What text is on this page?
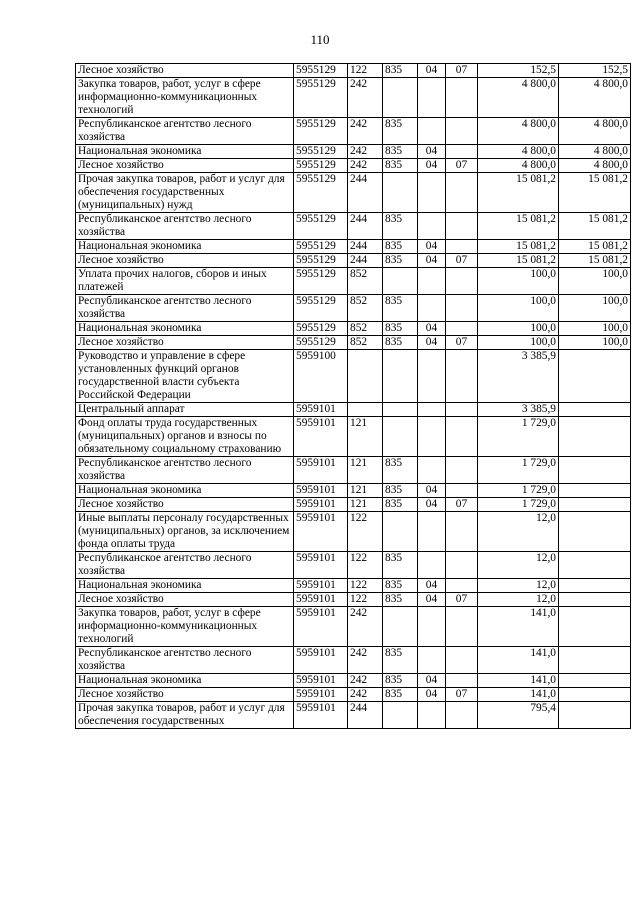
110
Лесное хозяйство	5955129	122	835	04	07	152,5	152,5
Закупка товаров, работ, услуг в сфере информационно-коммуникационных технологий	5955129	242				4 800,0	4 800,0
Республиканское агентство лесного хозяйства	5955129	242	835			4 800,0	4 800,0
Национальная экономика	5955129	242	835	04		4 800,0	4 800,0
Лесное хозяйство	5955129	242	835	04	07	4 800,0	4 800,0
Прочая закупка товаров, работ и услуг для обеспечения государственных (муниципальных) нужд	5955129	244				15 081,2	15 081,2
Республиканское агентство лесного хозяйства	5955129	244	835			15 081,2	15 081,2
Национальная экономика	5955129	244	835	04		15 081,2	15 081,2
Лесное хозяйство	5955129	244	835	04	07	15 081,2	15 081,2
Уплата прочих налогов, сборов и иных платежей	5955129	852				100,0	100,0
Республиканское агентство лесного хозяйства	5955129	852	835			100,0	100,0
Национальная экономика	5955129	852	835	04		100,0	100,0
Лесное хозяйство	5955129	852	835	04	07	100,0	100,0
Руководство и управление в сфере установленных функций органов государственной власти субъекта Российской Федерации	5959100					3 385,9	
Центральный аппарат	5959101					3 385,9	
Фонд оплаты труда государственных (муниципальных) органов и взносы по обязательному социальному страхованию	5959101	121				1 729,0	
Республиканское агентство лесного хозяйства	5959101	121	835			1 729,0	
Национальная экономика	5959101	121	835	04		1 729,0	
Лесное хозяйство	5959101	121	835	04	07	1 729,0	
Иные выплаты персоналу государственных (муниципальных) органов, за исключением фонда оплаты труда	5959101	122				12,0	
Республиканское агентство лесного хозяйства	5959101	122	835			12,0	
Национальная экономика	5959101	122	835	04		12,0	
Лесное хозяйство	5959101	122	835	04	07	12,0	
Закупка товаров, работ, услуг в сфере информационно-коммуникационных технологий	5959101	242				141,0	
Республиканское агентство лесного хозяйства	5959101	242	835			141,0	
Национальная экономика	5959101	242	835	04		141,0	
Лесное хозяйство	5959101	242	835	04	07	141,0	
Прочая закупка товаров, работ и услуг для обеспечения государственных	5959101	244				795,4	
